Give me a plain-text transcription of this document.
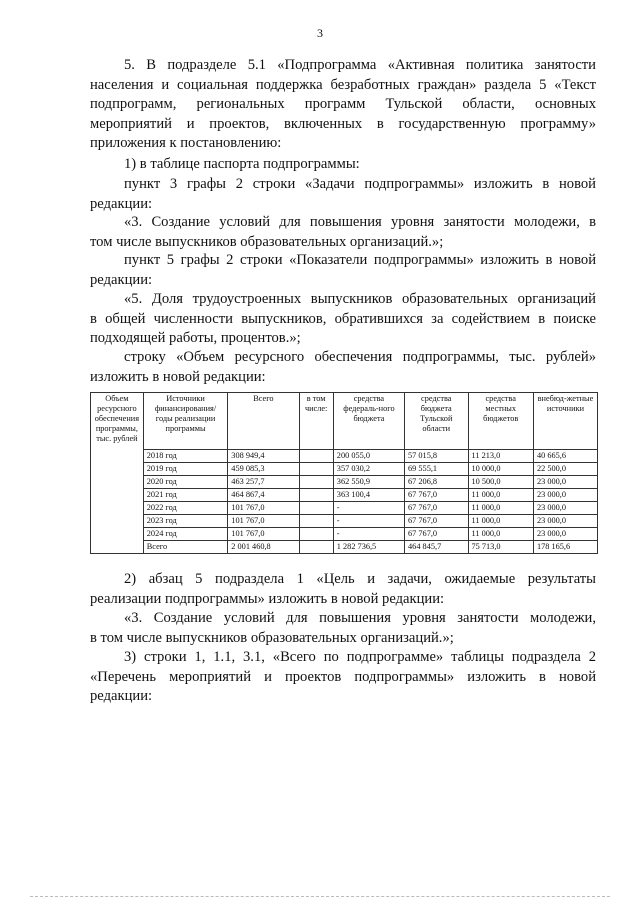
3
5. В подразделе 5.1 «Подпрограмма «Активная политика занятости
населения и социальная поддержка безработных граждан» раздела 5 «Текст
подпрограмм, региональных программ Тульской области, основных
мероприятий и проектов, включенных в государственную программу»
приложения к постановлению:
1) в таблице паспорта подпрограммы:
пункт 3 графы 2 строки «Задачи подпрограммы» изложить в новой
редакции:
«3. Создание условий для повышения уровня занятости молодежи, в
том числе выпускников образовательных организаций.»;
пункт 5 графы 2 строки «Показатели подпрограммы» изложить в новой
редакции:
«5. Доля трудоустроенных выпускников образовательных организаций
в общей численности выпускников, обратившихся за содействием в поиске
подходящей работы, процентов.»;
строку «Объем ресурсного обеспечения подпрограммы, тыс. рублей»
изложить в новой редакции:
Объем ресурсного обеспечения программы, тыс. рублей	Источники финансирования/ годы реализации программы	Всего	в том числе:	средства федераль-ного бюджета	средства бюджета Тульской области	средства местных бюджетов	внебюд-жетные источники
	2018 год	308 949,4		200 055,0	57 015,8	11 213,0	40 665,6
	2019 год	459 085,3		357 030,2	69 555,1	10 000,0	22 500,0
	2020 год	463 257,7		362 550,9	67 206,8	10 500,0	23 000,0
	2021 год	464 867,4		363 100,4	67 767,0	11 000,0	23 000,0
	2022 год	101 767,0		-	67 767,0	11 000,0	23 000,0
	2023 год	101 767,0		-	67 767,0	11 000,0	23 000,0
	2024 год	101 767,0		-	67 767,0	11 000,0	23 000,0
	Всего	2 001 460,8		1 282 736,5	464 845,7	75 713,0	178 165,6
2) абзац 5 подраздела 1 «Цель и задачи, ожидаемые результаты
реализации подпрограммы» изложить в новой редакции:
«3. Создание условий для повышения уровня занятости молодежи,
в том числе выпускников образовательных организаций.»;
3) строки 1, 1.1, 3.1, «Всего по подпрограмме» таблицы подраздела 2
«Перечень мероприятий и проектов подпрограммы» изложить в новой
редакции:
